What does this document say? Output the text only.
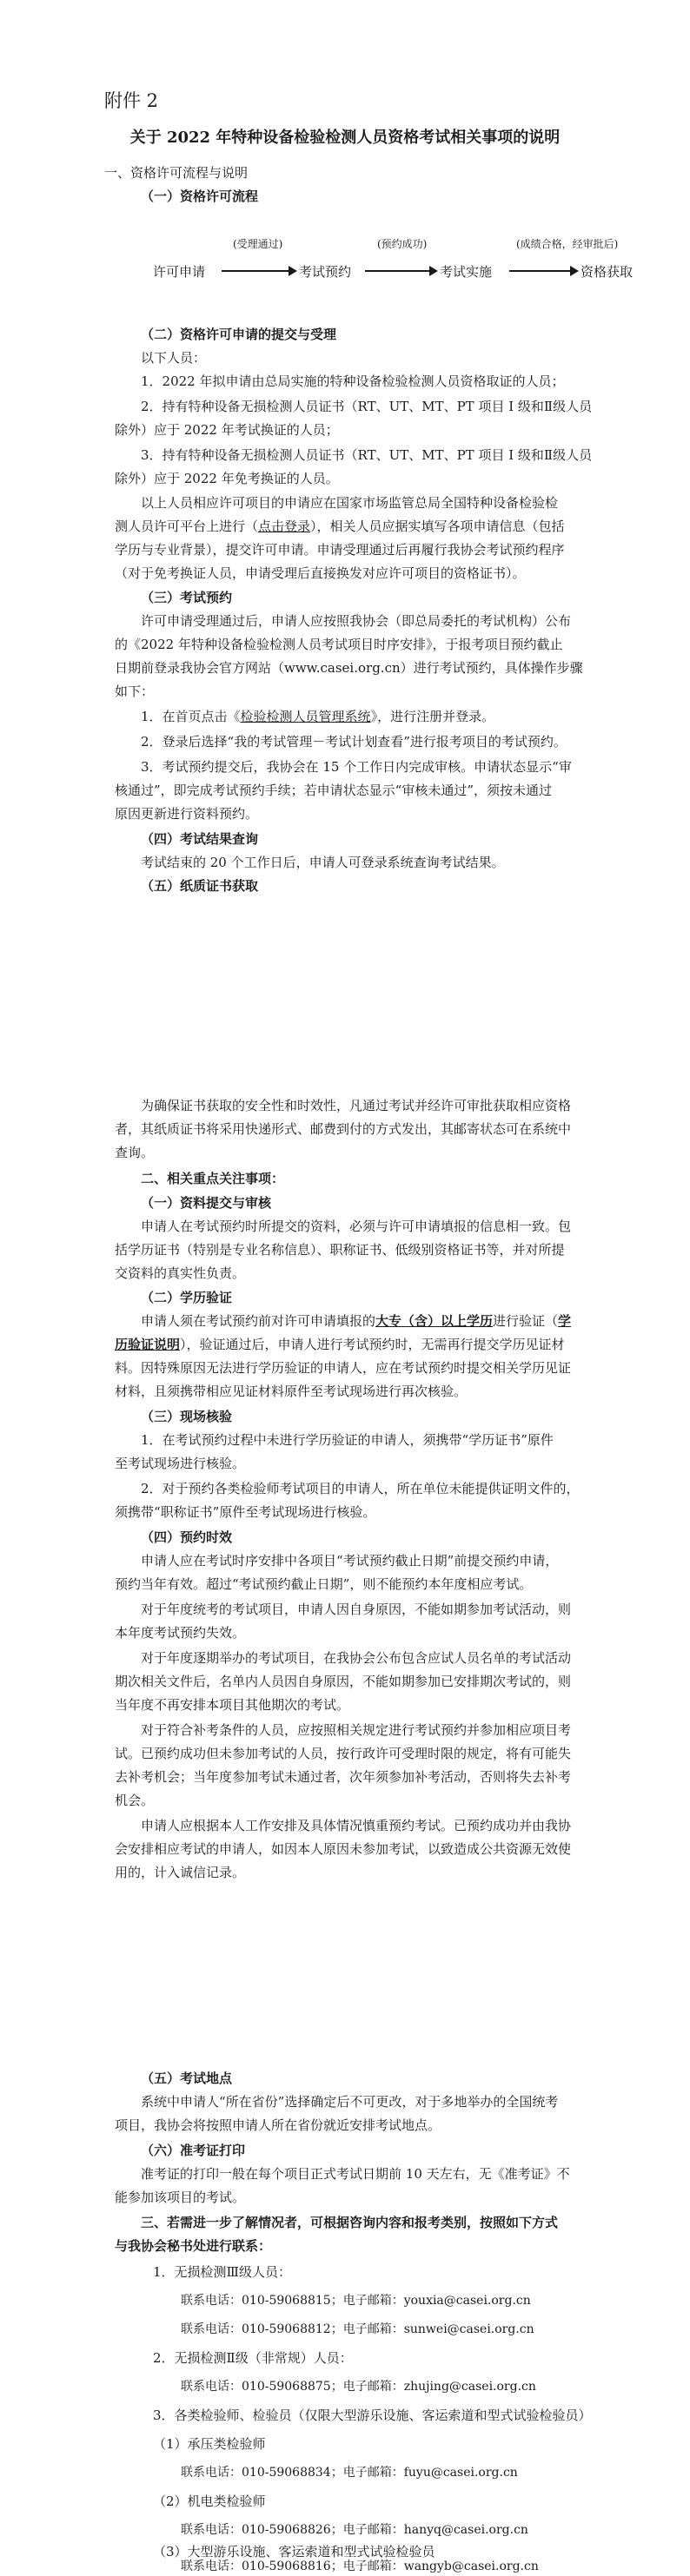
附件 2
关于 2022 年特种设备检验检测人员资格考试相关事项的说明

一、资格许可流程与说明

（一）资格许可流程

许可申请
(受理通过)
考试预约
(预约成功)
考试实施
(成绩合格，经审批后)
资格获取

（二）资格许可申请的提交与受理

以下人员：

1．2022 年拟申请由总局实施的特种设备检验检测人员资格取证的人员；

2．持有特种设备无损检测人员证书（RT、UT、MT、PT 项目 I 级和Ⅱ级人员

除外）应于 2022 年考试换证的人员；

3．持有特种设备无损检测人员证书（RT、UT、MT、PT 项目 I 级和Ⅱ级人员

除外）应于 2022 年免考换证的人员。

以上人员相应许可项目的申请应在国家市场监管总局全国特种设备检验检

测人员许可平台上进行（点击登录），相关人员应据实填写各项申请信息（包括

学历与专业背景），提交许可申请。申请受理通过后再履行我协会考试预约程序

（对于免考换证人员，申请受理后直接换发对应许可项目的资格证书）。

（三）考试预约

许可申请受理通过后，申请人应按照我协会（即总局委托的考试机构）公布

的《2022 年特种设备检验检测人员考试项目时序安排》，于报考项目预约截止

日期前登录我协会官方网站（www.casei.org.cn）进行考试预约，具体操作步骤

如下：

1．在首页点击《检验检测人员管理系统》，进行注册并登录。

2．登录后选择“我的考试管理－考试计划查看”进行报考项目的考试预约。

3．考试预约提交后，我协会在 15 个工作日内完成审核。申请状态显示“审

核通过”，即完成考试预约手续；若申请状态显示“审核未通过”，须按未通过

原因更新进行资料预约。

（四）考试结果查询

考试结束的 20 个工作日后，申请人可登录系统查询考试结果。

（五）纸质证书获取

为确保证书获取的安全性和时效性，凡通过考试并经许可审批获取相应资格

者，其纸质证书将采用快递形式、邮费到付的方式发出，其邮寄状态可在系统中

查询。

二、相关重点关注事项：

（一）资料提交与审核

申请人在考试预约时所提交的资料，必须与许可申请填报的信息相一致。包

括学历证书（特别是专业名称信息）、职称证书、低级别资格证书等，并对所提

交资料的真实性负责。

（二）学历验证

申请人须在考试预约前对许可申请填报的大专（含）以上学历进行验证（学

历验证说明），验证通过后，申请人进行考试预约时，无需再行提交学历见证材

料。因特殊原因无法进行学历验证的申请人，应在考试预约时提交相关学历见证

材料，且须携带相应见证材料原件至考试现场进行再次核验。

（三）现场核验

1．在考试预约过程中未进行学历验证的申请人，须携带“学历证书”原件

至考试现场进行核验。

2．对于预约各类检验师考试项目的申请人，所在单位未能提供证明文件的，

须携带“职称证书”原件至考试现场进行核验。

（四）预约时效

申请人应在考试时序安排中各项目“考试预约截止日期”前提交预约申请，

预约当年有效。超过“考试预约截止日期”，则不能预约本年度相应考试。

对于年度统考的考试项目，申请人因自身原因，不能如期参加考试活动，则

本年度考试预约失效。

对于年度逐期举办的考试项目，在我协会公布包含应试人员名单的考试活动

期次相关文件后，名单内人员因自身原因，不能如期参加已安排期次考试的，则

当年度不再安排本项目其他期次的考试。

对于符合补考条件的人员，应按照相关规定进行考试预约并参加相应项目考

试。已预约成功但未参加考试的人员，按行政许可受理时限的规定，将有可能失

去补考机会；当年度参加考试未通过者，次年须参加补考活动，否则将失去补考

机会。

申请人应根据本人工作安排及具体情况慎重预约考试。已预约成功并由我协

会安排相应考试的申请人，如因本人原因未参加考试，以致造成公共资源无效使

用的，计入诚信记录。

（五）考试地点

系统中申请人“所在省份”选择确定后不可更改，对于多地举办的全国统考

项目，我协会将按照申请人所在省份就近安排考试地点。

（六）准考证打印

准考证的打印一般在每个项目正式考试日期前 10 天左右，无《准考证》不

能参加该项目的考试。

三、若需进一步了解情况者，可根据咨询内容和报考类别，按照如下方式

与我协会秘书处进行联系：

1．无损检测Ⅲ级人员：

联系电话：010-59068815；电子邮箱：youxia@casei.org.cn

联系电话：010-59068812；电子邮箱：sunwei@casei.org.cn

2．无损检测Ⅱ级（非常规）人员：

联系电话：010-59068875；电子邮箱：zhujing@casei.org.cn

3．各类检验师、检验员（仅限大型游乐设施、客运索道和型式试验检验员）

（1）承压类检验师

联系电话：010-59068834；电子邮箱：fuyu@casei.org.cn

（2）机电类检验师

联系电话：010-59068826；电子邮箱：hanyq@casei.org.cn

（3）大型游乐设施、客运索道和型式试验检验员

联系电话：010-59068816；电子邮箱：wangyb@casei.org.cn
